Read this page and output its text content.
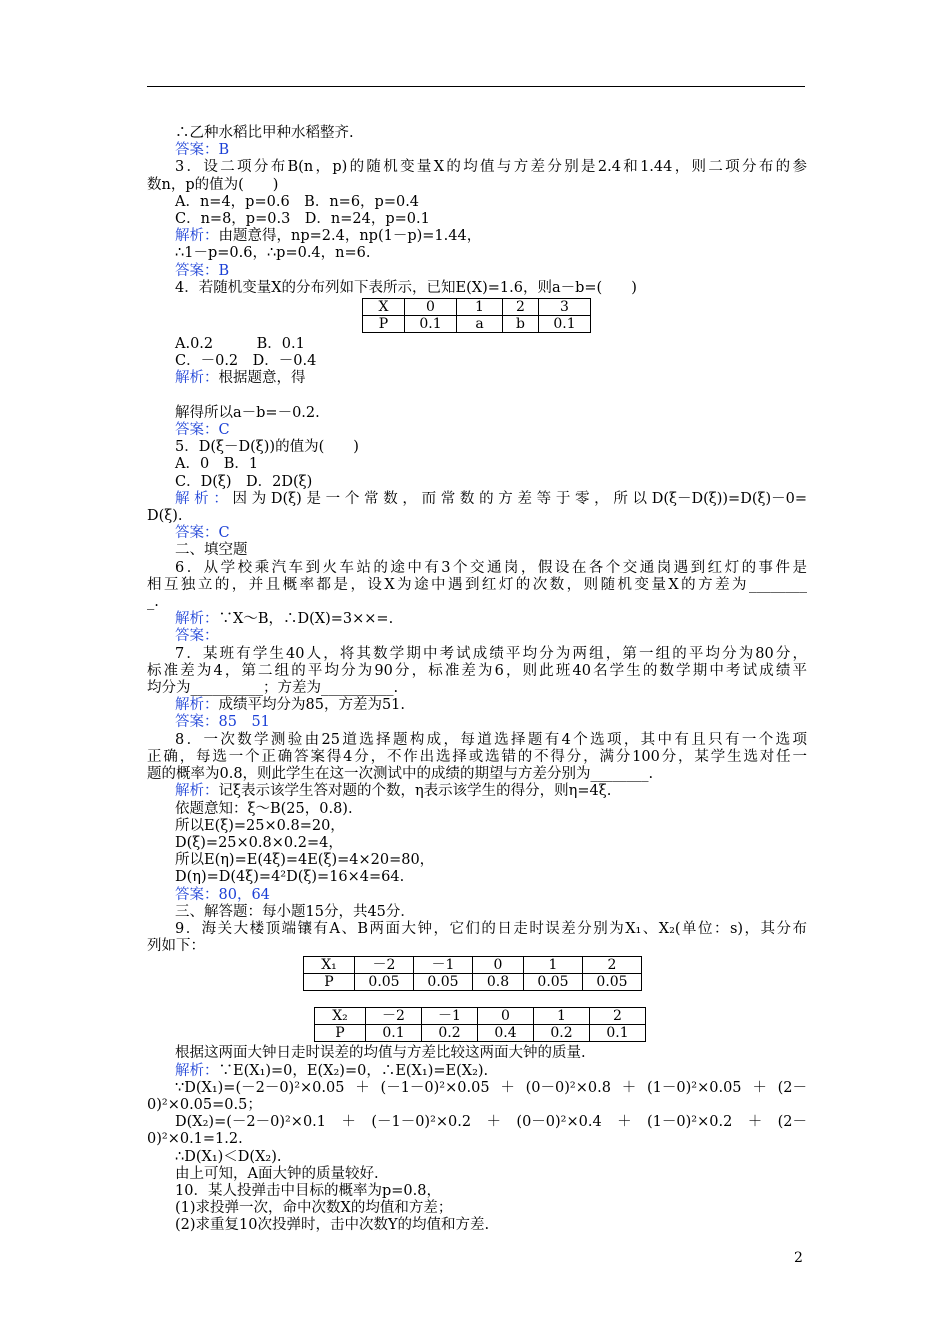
∴乙种水稻比甲种水稻整齐.
答案：B
3．设二项分布B(n，p)的随机变量X的均值与方差分别是2.4和1.44，则二项分布的参
数n，p的值为(　　)
A．n=4，p=0.6　B．n=6，p=0.4
C．n=8，p=0.3　D．n=24，p=0.1
解析：由题意得，np=2.4，np(1－p)=1.44，
∴1－p=0.6，∴p=0.4，n=6.
答案：B
4．若随机变量X的分布列如下表所示，已知E(X)=1.6，则a－b=(　　)
X	0	1	2	3
P	0.1	a	b	0.1
A.0.2　　　B．0.1
C．－0.2　D．－0.4
解析：根据题意，得
解得所以a－b=－0.2.
答案：C
5．D(ξ－D(ξ))的值为(　　)
A．0　B．1
C．D(ξ)　D．2D(ξ)
解析：因为D(ξ)是一个常数，而常数的方差等于零，所以D(ξ－D(ξ))=D(ξ)－0=
D(ξ).
答案：C
二、填空题
6．从学校乘汽车到火车站的途中有3个交通岗，假设在各个交通岗遇到红灯的事件是
相互独立的，并且概率都是，设X为途中遇到红灯的次数，则随机变量X的方差为________
_.
解析：∵X～B，∴D(X)=3××=.
答案：
7．某班有学生40人，将其数学期中考试成绩平均分为两组，第一组的平均分为80分，
标准差为4，第二组的平均分为90分，标准差为6，则此班40名学生的数学期中考试成绩平
均分为__________；方差为__________.
解析：成绩平均分为85，方差为51.
答案：85　51
8．一次数学测验由25道选择题构成，每道选择题有4个选项，其中有且只有一个选项
正确，每选一个正确答案得4分，不作出选择或选错的不得分，满分100分，某学生选对任一
题的概率为0.8，则此学生在这一次测试中的成绩的期望与方差分别为________.
解析：记ξ表示该学生答对题的个数，η表示该学生的得分，则η=4ξ.
依题意知：ξ～B(25，0.8).
所以E(ξ)=25×0.8=20，
D(ξ)=25×0.8×0.2=4，
所以E(η)=E(4ξ)=4E(ξ)=4×20=80，
D(η)=D(4ξ)=4²D(ξ)=16×4=64.
答案：80，64
三、解答题：每小题15分，共45分．
9．海关大楼顶端镶有A、B两面大钟，它们的日走时误差分别为X₁、X₂(单位：s)，其分布
列如下：
X₁	－2	－1	0	1	2
P	0.05	0.05	0.8	0.05	0.05
X₂	－2	－1	0	1	2
P	0.1	0.2	0.4	0.2	0.1
根据这两面大钟日走时误差的均值与方差比较这两面大钟的质量.
解析：∵E(X₁)=0，E(X₂)=0，∴E(X₁)=E(X₂).
∵D(X₁)=(－2－0)²×0.05＋(－1－0)²×0.05＋(0－0)²×0.8＋(1－0)²×0.05＋(2－
0)²×0.05=0.5；
D(X₂)=(－2－0)²×0.1＋(－1－0)²×0.2＋(0－0)²×0.4＋(1－0)²×0.2＋(2－
0)²×0.1=1.2.
∴D(X₁)＜D(X₂).
由上可知，A面大钟的质量较好.
10．某人投弹击中目标的概率为p=0.8，
(1)求投弹一次，命中次数X的均值和方差；
(2)求重复10次投弹时，击中次数Y的均值和方差.
2
